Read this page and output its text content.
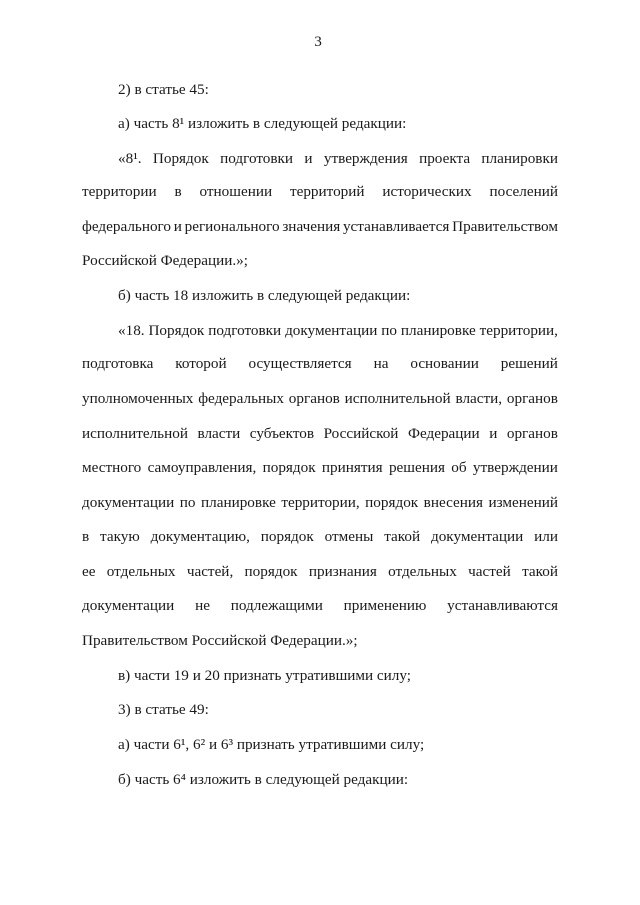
3
2) в статье 45:
а) часть 8¹ изложить в следующей редакции:
«8¹. Порядок подготовки и утверждения проекта планировки
территории в отношении территорий исторических поселений
федерального и регионального значения устанавливается Правительством
Российской Федерации.»;
б) часть 18 изложить в следующей редакции:
«18. Порядок подготовки документации по планировке территории,
подготовка которой осуществляется на основании решений
уполномоченных федеральных органов исполнительной власти, органов
исполнительной власти субъектов Российской Федерации и органов
местного самоуправления, порядок принятия решения об утверждении
документации по планировке территории, порядок внесения изменений
в такую документацию, порядок отмены такой документации или
ее отдельных частей, порядок признания отдельных частей такой
документации не подлежащими применению устанавливаются
Правительством Российской Федерации.»;
в) части 19 и 20 признать утратившими силу;
3) в статье 49:
а) части 6¹, 6² и 6³ признать утратившими силу;
б) часть 6⁴ изложить в следующей редакции:
